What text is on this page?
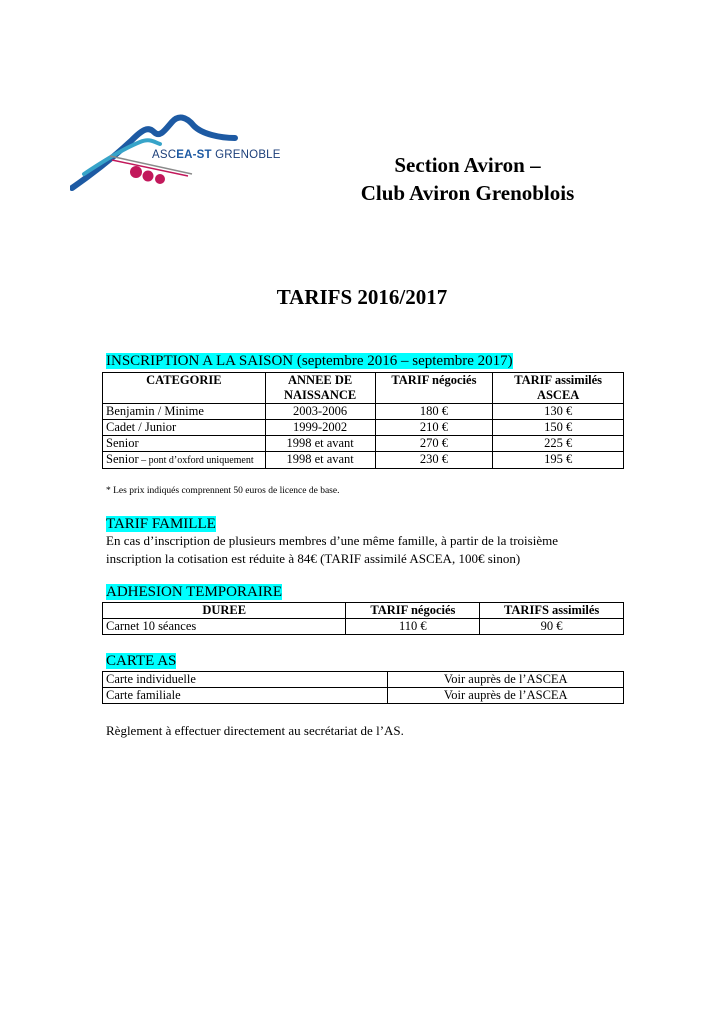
ASCEA-ST GRENOBLE	Section Aviron –
Club Aviron Grenoblois
TARIFS 2016/2017
INSCRIPTION A LA SAISON (septembre 2016 – septembre 2017)
CATEGORIE	ANNEE DE NAISSANCE	TARIF négociés	TARIF assimilés ASCEA
Benjamin / Minime	2003-2006	180 €	130 €
Cadet / Junior	1999-2002	210 €	150 €
Senior	1998 et avant	270 €	225 €
Senior – pont d’oxford uniquement	1998 et avant	230 €	195 €
* Les prix indiqués comprennent 50 euros de licence de base.
TARIF FAMILLE
En cas d’inscription de plusieurs membres d’une même famille, à partir de la troisième
inscription la cotisation est réduite à 84€ (TARIF assimilé ASCEA, 100€ sinon)
ADHESION TEMPORAIRE
DUREE	TARIF négociés	TARIFS assimilés
Carnet 10 séances	110 €	90 €
CARTE AS
Carte individuelle	Voir auprès de l’ASCEA
Carte familiale	Voir auprès de l’ASCEA
Règlement à effectuer directement au secrétariat de l’AS.
